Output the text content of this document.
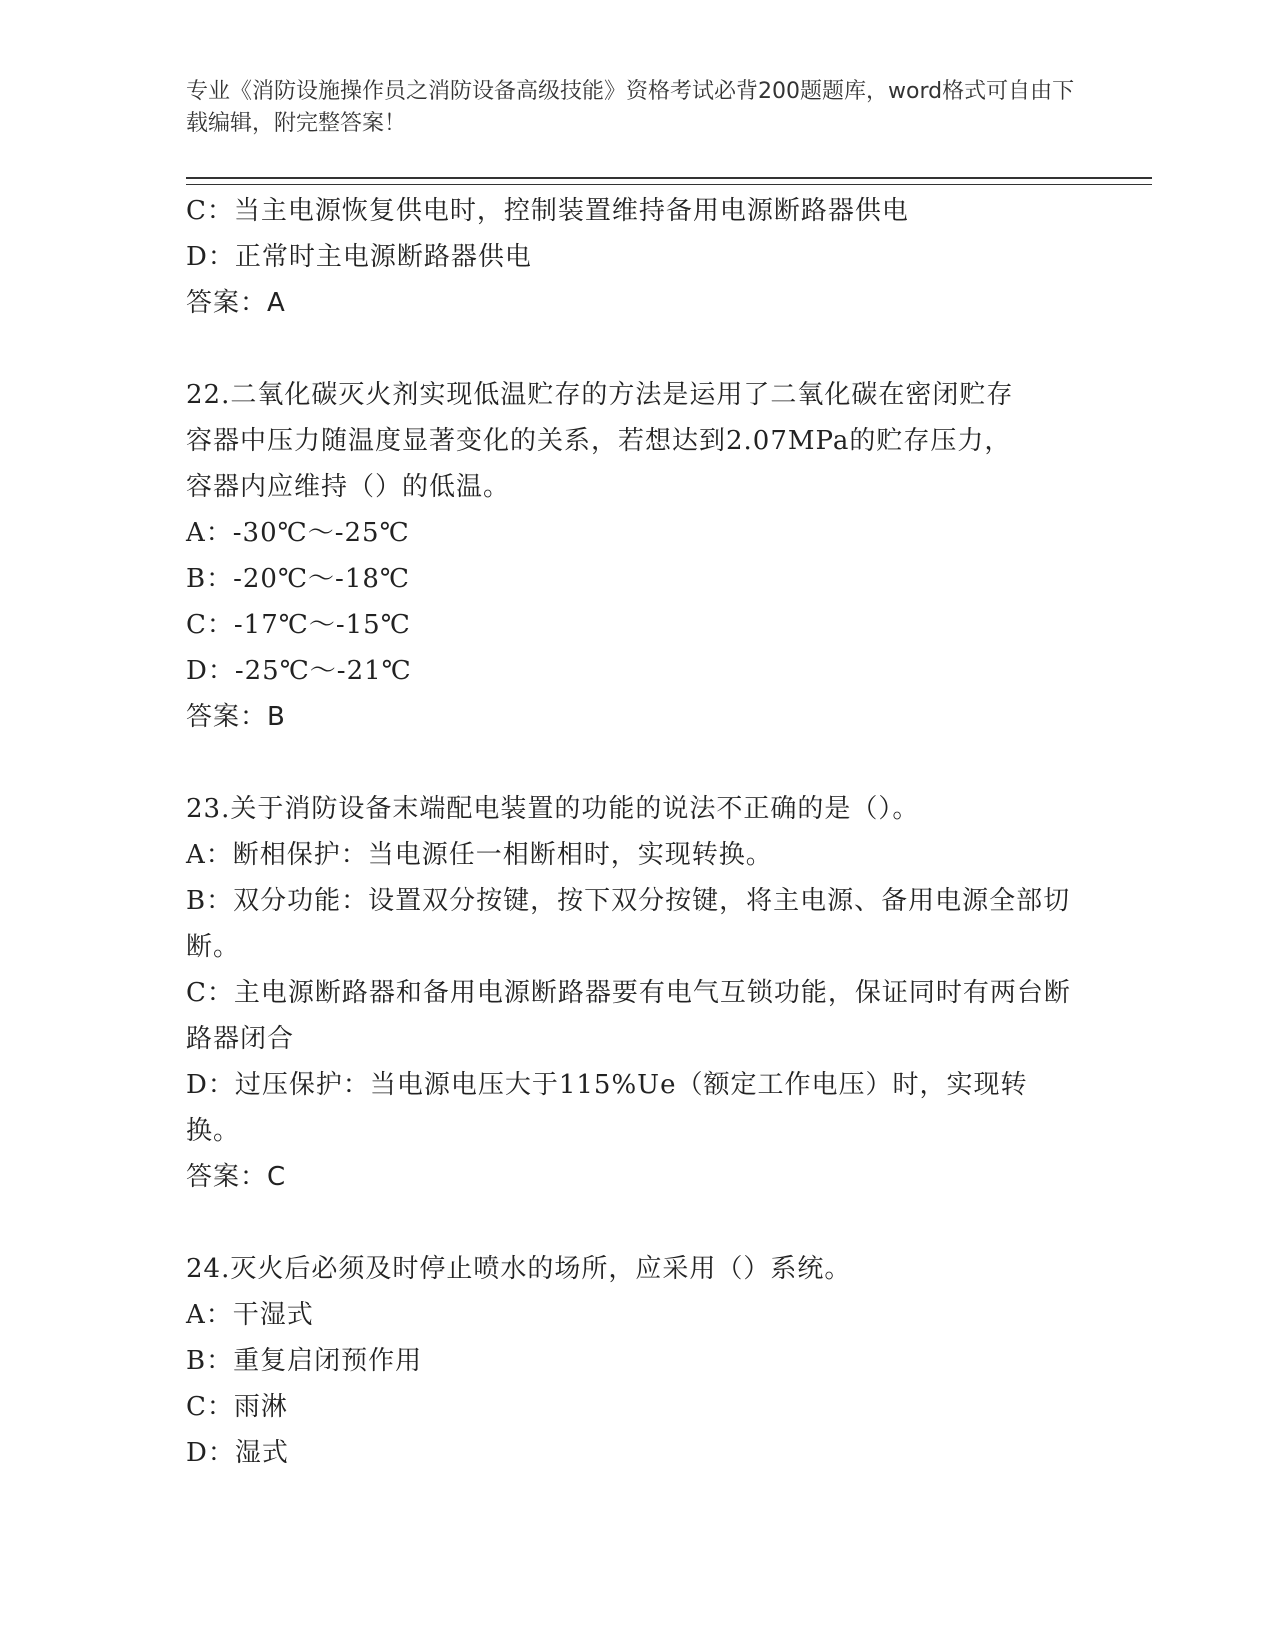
专业《消防设施操作员之消防设备高级技能》资格考试必背200题题库，word格式可自由下载编辑，附完整答案！
C：当主电源恢复供电时，控制装置维持备用电源断路器供电
D：正常时主电源断路器供电
答案：A
22.二氧化碳灭火剂实现低温贮存的方法是运用了二氧化碳在密闭贮存
容器中压力随温度显著变化的关系，若想达到2.07MPa的贮存压力，
容器内应维持（）的低温。
A：-30℃～-25℃
B：-20℃～-18℃
C：-17℃～-15℃
D：-25℃～-21℃
答案：B
23.关于消防设备末端配电装置的功能的说法不正确的是（）。
A：断相保护：当电源任一相断相时，实现转换。
B：双分功能：设置双分按键，按下双分按键，将主电源、备用电源全部切断。
C：主电源断路器和备用电源断路器要有电气互锁功能，保证同时有两台断路器闭合
D：过压保护：当电源电压大于115%Ue（额定工作电压）时，实现转换。
答案：C
24.灭火后必须及时停止喷水的场所，应采用（）系统。
A：干湿式
B：重复启闭预作用
C：雨淋
D：湿式
